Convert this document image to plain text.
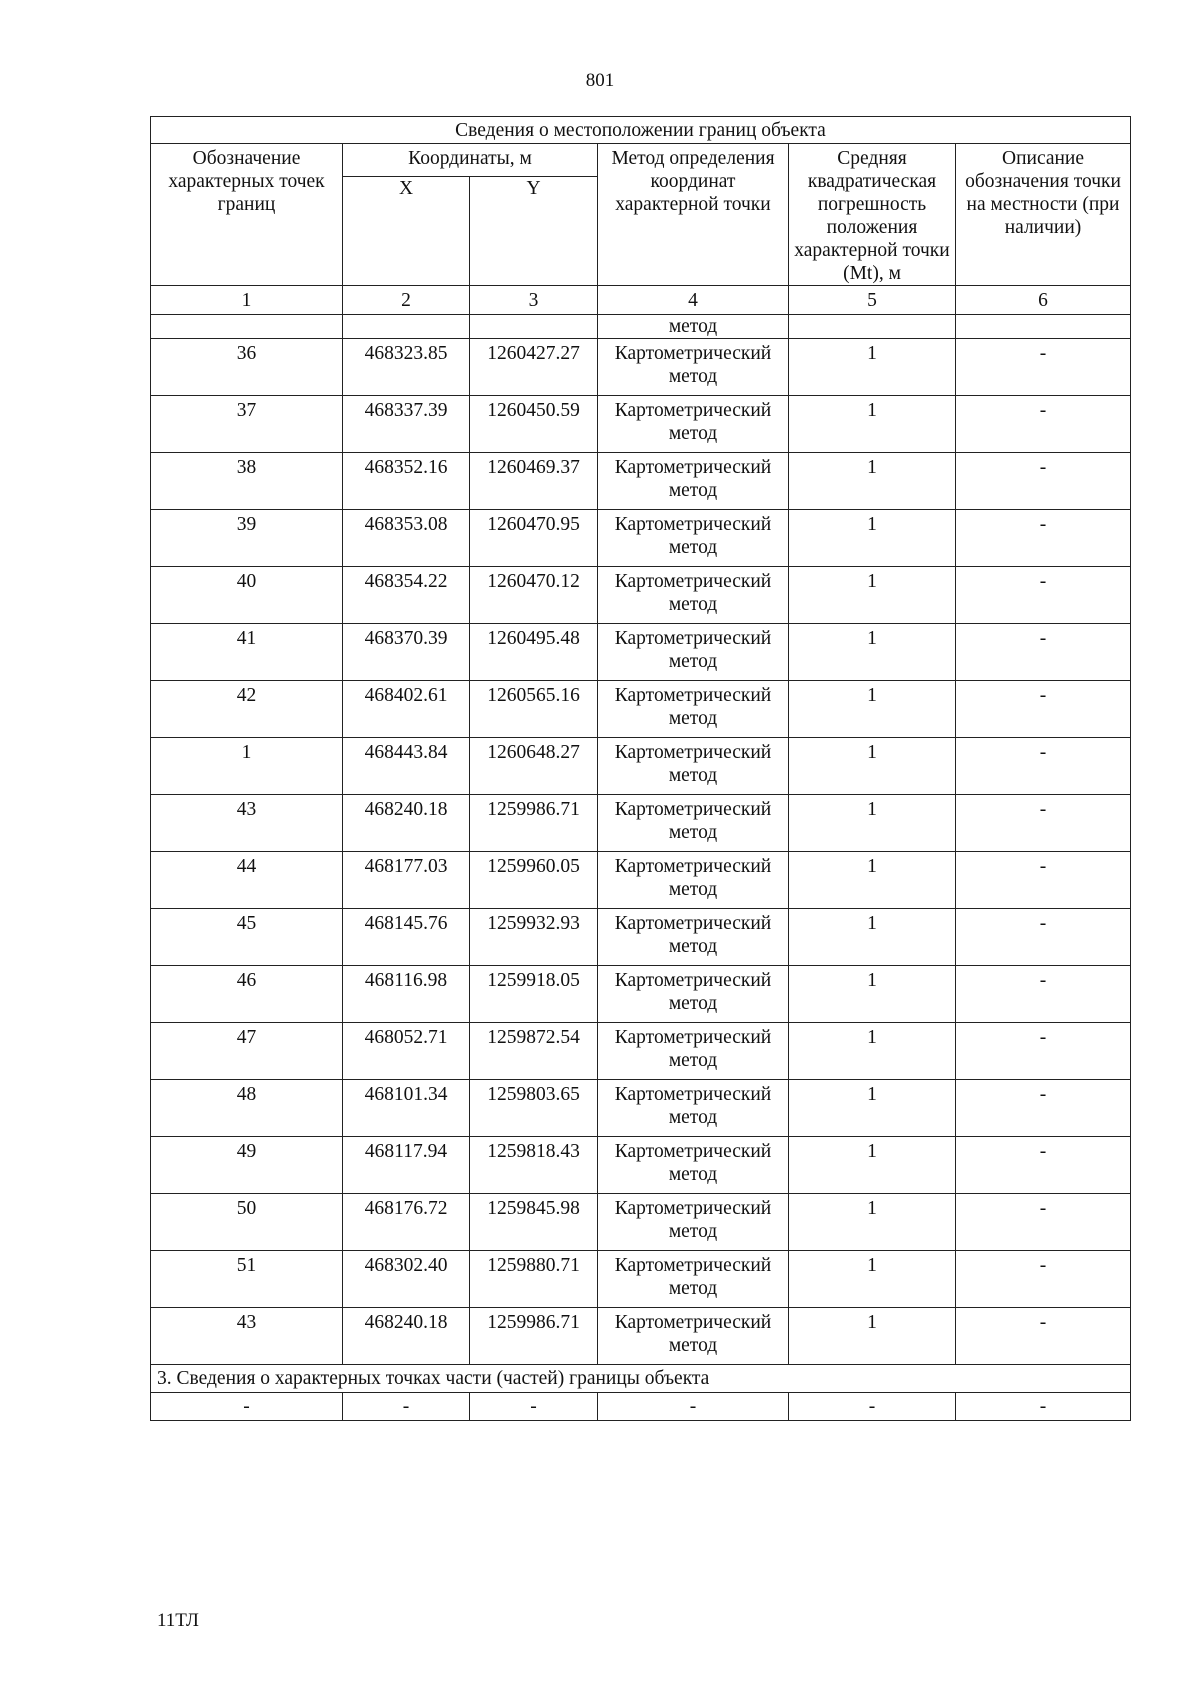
801
Сведения о местоположении границ объекта					
Обозначение характерных точек границ	Координаты, м		Метод определения координат характерной точки	Средняя квадратическая погрешность положения характерной точки (Mt), м	Описание обозначения точки на местности (при наличии)
	X	Y			
1	2	3	4	5	6
			метод		
36	468323.85	1260427.27	Картометрический метод	1	-
37	468337.39	1260450.59	Картометрический метод	1	-
38	468352.16	1260469.37	Картометрический метод	1	-
39	468353.08	1260470.95	Картометрический метод	1	-
40	468354.22	1260470.12	Картометрический метод	1	-
41	468370.39	1260495.48	Картометрический метод	1	-
42	468402.61	1260565.16	Картометрический метод	1	-
1	468443.84	1260648.27	Картометрический метод	1	-
43	468240.18	1259986.71	Картометрический метод	1	-
44	468177.03	1259960.05	Картометрический метод	1	-
45	468145.76	1259932.93	Картометрический метод	1	-
46	468116.98	1259918.05	Картометрический метод	1	-
47	468052.71	1259872.54	Картометрический метод	1	-
48	468101.34	1259803.65	Картометрический метод	1	-
49	468117.94	1259818.43	Картометрический метод	1	-
50	468176.72	1259845.98	Картометрический метод	1	-
51	468302.40	1259880.71	Картометрический метод	1	-
43	468240.18	1259986.71	Картометрический метод	1	-
3. Сведения о характерных точках части (частей) границы объекта					
-	-	-	-	-	-
11ТЛ
